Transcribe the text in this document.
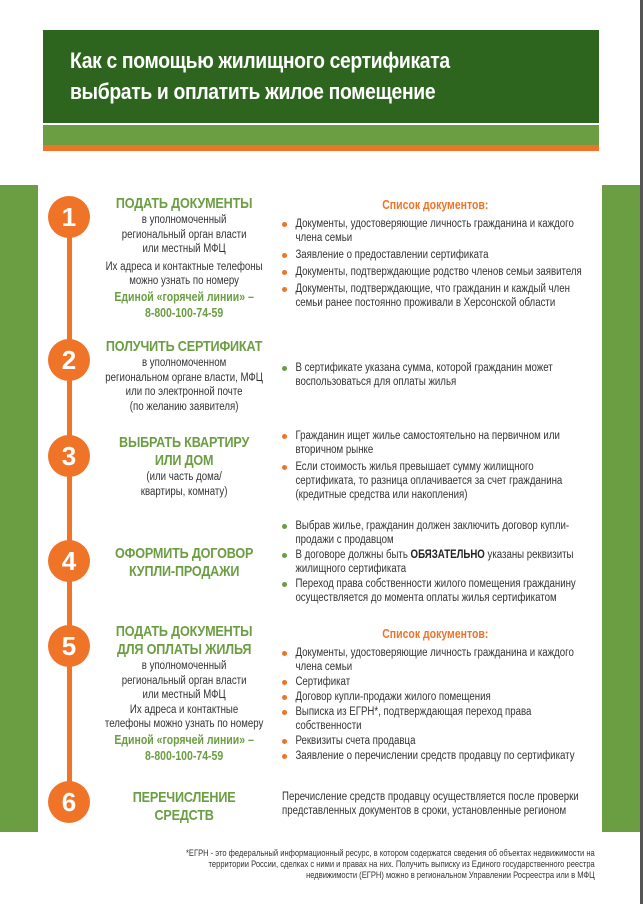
Как с помощью жилищного сертификата
выбрать и оплатить жилое помещение
1
2
3
4
5
6
ПОДАТЬ ДОКУМЕНТЫ
в уполномоченный
региональный орган власти
или местный МФЦ
Их адреса и контактные телефоны
можно узнать по номеру
Единой «горячей линии» –
8-800-100-74-59
Список документов:
Документы, удостоверяющие личность гражданина и каждого члена семьи
Заявление о предоставлении сертификата
Документы, подтверждающие родство членов семьи заявителя
Документы, подтверждающие, что гражданин и каждый член семьи ранее постоянно проживали в Херсонской области
ПОЛУЧИТЬ СЕРТИФИКАТ
в уполномоченном
региональном органе власти, МФЦ
или по электронной почте
(по желанию заявителя)
В сертификате указана сумма, которой гражданин может воспользоваться для оплаты жилья
ВЫБРАТЬ КВАРТИРУ
ИЛИ ДОМ
(или часть дома/
квартиры, комнату)
Гражданин ищет жилье самостоятельно на первичном или вторичном рынке
Если стоимость жилья превышает сумму жилищного сертификата, то разница оплачивается за счет гражданина (кредитные средства или накопления)
ОФОРМИТЬ ДОГОВОР
КУПЛИ-ПРОДАЖИ
Выбрав жилье, гражданин должен заключить договор купли-продажи с продавцом
В договоре должны быть ОБЯЗАТЕЛЬНО указаны реквизиты жилищного сертификата
Переход права собственности жилого помещения гражданину осуществляется до момента оплаты жилья сертификатом
ПОДАТЬ ДОКУМЕНТЫ
ДЛЯ ОПЛАТЫ ЖИЛЬЯ
в уполномоченный
региональный орган власти
или местный МФЦ
Их адреса и контактные
телефоны можно узнать по номеру
Единой «горячей линии» –
8-800-100-74-59
Список документов:
Документы, удостоверяющие личность гражданина и каждого члена семьи
Сертификат
Договор купли-продажи жилого помещения
Выписка из ЕГРН*, подтверждающая переход права собственности
Реквизиты счета продавца
Заявление о перечислении средств продавцу по сертификату
ПЕРЕЧИСЛЕНИЕ
СРЕДСТВ
Перечисление средств продавцу осуществляется после проверки представленных документов в сроки, установленные регионом
*ЕГРН - это федеральный информационный ресурс, в котором содержатся сведения об объектах недвижимости на
территории России, сделках с ними и правах на них. Получить выписку из Единого государственного реестра
недвижимости (ЕГРН) можно в региональном Управлении Росреестра или в МФЦ
